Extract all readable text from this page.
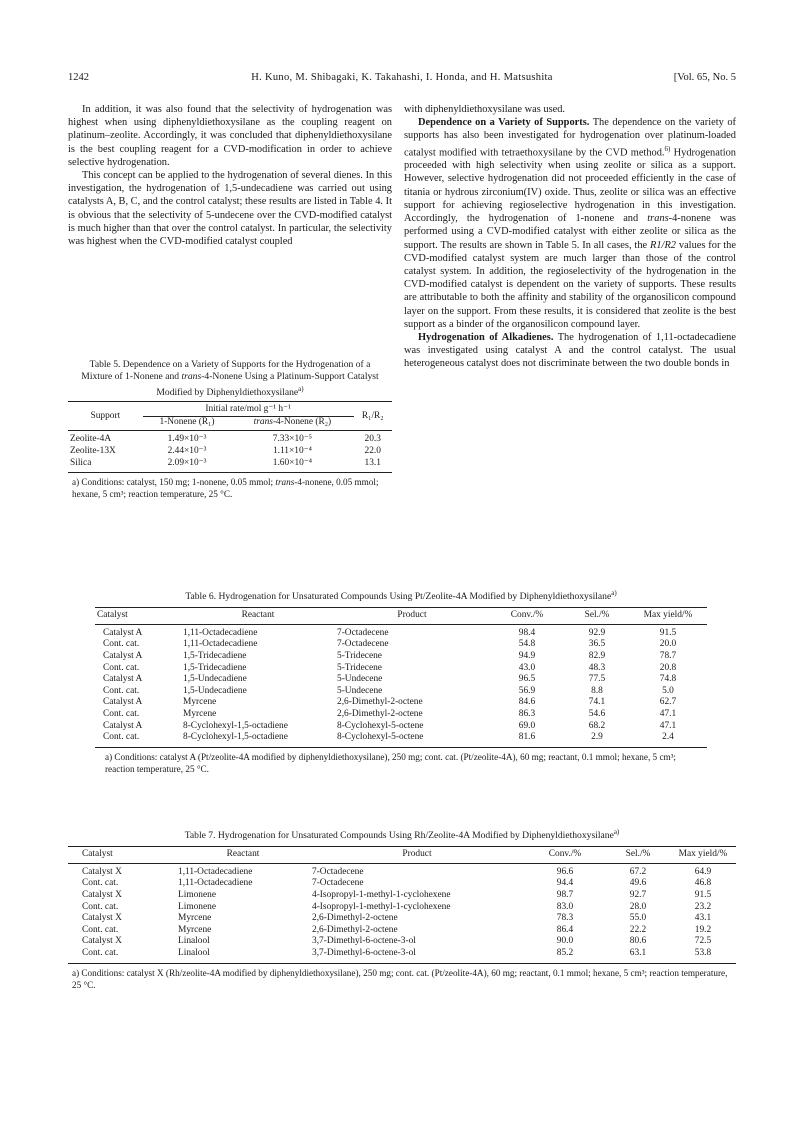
1242	H. Kuno, M. Shibagaki, K. Takahashi, I. Honda, and H. Matsushita	[Vol. 65, No. 5

In addition, it was also found that the selectivity of hydrogenation was highest when using diphenyldiethoxysilane as the coupling reagent on platinum–zeolite. Accordingly, it was concluded that diphenyldiethoxysilane is the best coupling reagent for a CVD-modification in order to achieve selective hydrogenation.

This concept can be applied to the hydrogenation of several dienes. In this investigation, the hydrogenation of 1,5-undecadiene was carried out using catalysts A, B, C, and the control catalyst; these results are listed in Table 4. It is obvious that the selectivity of 5-undecene over the CVD-modified catalyst is much higher than that over the control catalyst. In particular, the selectivity was highest when the CVD-modified catalyst coupled

with diphenyldiethoxysilane was used.

Dependence on a Variety of Supports. The dependence on the variety of supports has also been investigated for hydrogenation over platinum-loaded catalyst modified with tetraethoxysilane by the CVD method.$^{6)}$ Hydrogenation proceeded with high selectivity when using zeolite or silica as a support. However, selective hydrogenation did not proceeded efficiently in the case of titania or hydrous zirconium(IV) oxide. Thus, zeolite or silica was an effective support for achieving regioselective hydrogenation in this investigation. Accordingly, the hydrogenation of 1-nonene and trans-4-nonene was performed using a CVD-modified catalyst with either zeolite or silica as the support. The results are shown in Table 5. In all cases, the R1/R2 values for the CVD-modified catalyst system are much larger than those of the control catalyst system. In addition, the regioselectivity of the hydrogenation in the CVD-modified catalyst is dependent on the variety of supports. These results are attributable to both the affinity and stability of the organosilicon compound layer on the support. From these results, it is considered that zeolite is the best support as a binder of the organosilicon compound layer.

Hydrogenation of Alkadienes. The hydrogenation of 1,11-octadecadiene was investigated using catalyst A and the control catalyst. The usual heterogeneous catalyst does not discriminate between the two double bonds in

Table 5. Dependence on a Variety of Supports for the Hydrogenation of a Mixture of 1-Nonene and trans-4-Nonene Using a Platinum-Support Catalyst Modified by Diphenyldiethoxysilane$^{a)}$
Support	Initial rate/mol g⁻¹ h⁻¹		R₁/R₂
	1-Nonene (R₁)	trans-4-Nonene (R₂)	
Zeolite-4A	1.49×10⁻³	7.33×10⁻⁵	20.3
Zeolite-13X	2.44×10⁻³	1.11×10⁻⁴	22.0
Silica	2.09×10⁻³	1.60×10⁻⁴	13.1
a) Conditions: catalyst, 150 mg; 1-nonene, 0.05 mmol; trans-4-nonene, 0.05 mmol; hexane, 5 cm³; reaction temperature, 25 °C.
Table 6. Hydrogenation for Unsaturated Compounds Using Pt/Zeolite-4A Modified by Diphenyldiethoxysilane$^{a)}$
Catalyst	Reactant	Product	Conv./%	Sel./%	Max yield/%
Catalyst A	1,11-Octadecadiene	7-Octadecene	98.4	92.9	91.5
Cont. cat.	1,11-Octadecadiene	7-Octadecene	54.8	36.5	20.0
Catalyst A	1,5-Tridecadiene	5-Tridecene	94.9	82.9	78.7
Cont. cat.	1,5-Tridecadiene	5-Tridecene	43.0	48.3	20.8
Catalyst A	1,5-Undecadiene	5-Undecene	96.5	77.5	74.8
Cont. cat.	1,5-Undecadiene	5-Undecene	56.9	8.8	5.0
Catalyst A	Myrcene	2,6-Dimethyl-2-octene	84.6	74.1	62.7
Cont. cat.	Myrcene	2,6-Dimethyl-2-octene	86.3	54.6	47.1
Catalyst A	8-Cyclohexyl-1,5-octadiene	8-Cyclohexyl-5-octene	69.0	68.2	47.1
Cont. cat.	8-Cyclohexyl-1,5-octadiene	8-Cyclohexyl-5-octene	81.6	2.9	2.4
a) Conditions: catalyst A (Pt/zeolite-4A modified by diphenyldiethoxysilane), 250 mg; cont. cat. (Pt/zeolite-4A), 60 mg; reactant, 0.1 mmol; hexane, 5 cm³; reaction temperature, 25 °C.
Table 7. Hydrogenation for Unsaturated Compounds Using Rh/Zeolite-4A Modified by Diphenyldiethoxysilane$^{a)}$
Catalyst	Reactant	Product	Conv./%	Sel./%	Max yield/%
Catalyst X	1,11-Octadecadiene	7-Octadecene	96.6	67.2	64.9
Cont. cat.	1,11-Octadecadiene	7-Octadecene	94.4	49.6	46.8
Catalyst X	Limonene	4-Isopropyl-1-methyl-1-cyclohexene	98.7	92.7	91.5
Cont. cat.	Limonene	4-Isopropyl-1-methyl-1-cyclohexene	83.0	28.0	23.2
Catalyst X	Myrcene	2,6-Dimethyl-2-octene	78.3	55.0	43.1
Cont. cat.	Myrcene	2,6-Dimethyl-2-octene	86.4	22.2	19.2
Catalyst X	Linalool	3,7-Dimethyl-6-octene-3-ol	90.0	80.6	72.5
Cont. cat.	Linalool	3,7-Dimethyl-6-octene-3-ol	85.2	63.1	53.8
a) Conditions: catalyst X (Rh/zeolite-4A modified by diphenyldiethoxysilane), 250 mg; cont. cat. (Pt/zeolite-4A), 60 mg; reactant, 0.1 mmol; hexane, 5 cm³; reaction temperature, 25 °C.
